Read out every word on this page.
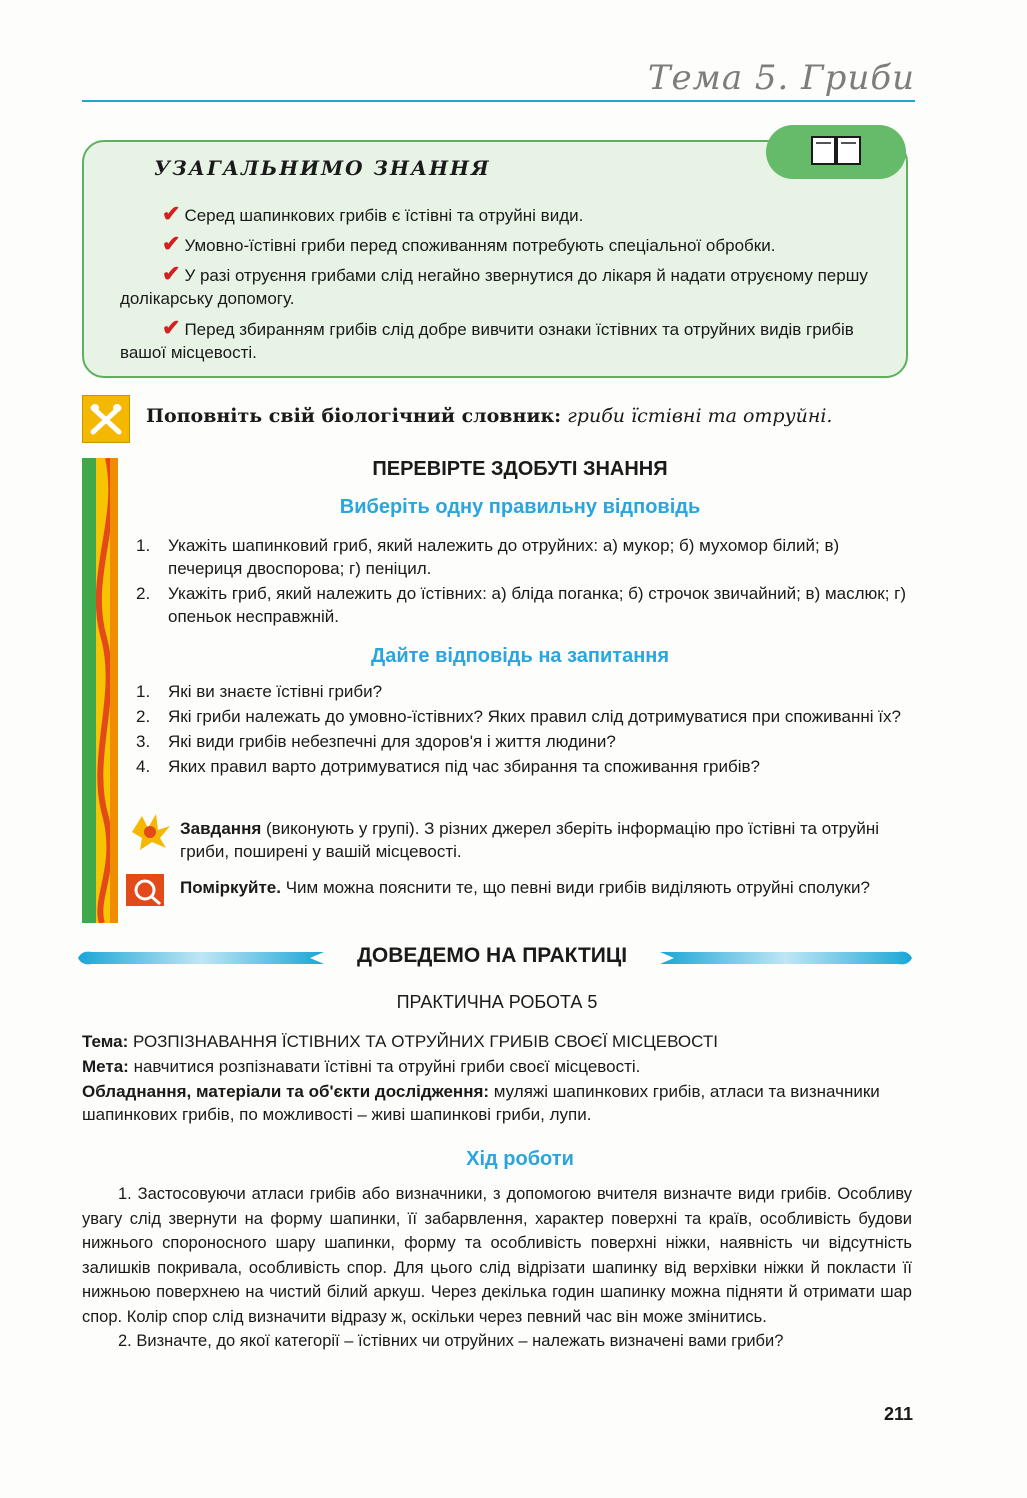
Тема 5. Гриби
УЗАГАЛЬНИМО ЗНАННЯ
✔ Серед шапинкових грибів є їстівні та отруйні види.
✔ Умовно-їстівні гриби перед споживанням потребують спеціальної обробки.
✔ У разі отруєння грибами слід негайно звернутися до лікаря й надати отруєному першу долікарську допомогу.
✔ Перед збиранням грибів слід добре вивчити ознаки їстівних та отруйних видів грибів вашої місцевості.
Поповніть свій біологічний словник: гриби їстівні та отруйні.
ПЕРЕВІРТЕ ЗДОБУТІ ЗНАННЯ
Виберіть одну правильну відповідь
1.	Укажіть шапинковий гриб, який належить до отруйних: а) мукор; б) мухомор білий; в) печериця двоспорова; г) пеніцил.
2.	Укажіть гриб, який належить до їстівних: а) бліда поганка; б) строчок звичайний; в) маслюк; г) опеньок несправжній.
Дайте відповідь на запитання
1.	Які ви знаєте їстівні гриби?
2.	Які гриби належать до умовно-їстівних? Яких правил слід дотримуватися при споживанні їх?
3.	Які види грибів небезпечні для здоров'я і життя людини?
4.	Яких правил варто дотримуватися під час збирання та споживання грибів?
Завдання (виконують у групі). З різних джерел зберіть інформацію про їстівні та отруйні гриби, поширені у вашій місцевості.
Поміркуйте. Чим можна пояснити те, що певні види грибів виділяють отруйні сполуки?
ДОВЕДЕМО НА ПРАКТИЦІ
ПРАКТИЧНА РОБОТА 5
Тема: РОЗПІЗНАВАННЯ ЇСТІВНИХ ТА ОТРУЙНИХ ГРИБІВ СВОЄЇ МІСЦЕВОСТІ
Мета: навчитися розпізнавати їстівні та отруйні гриби своєї місцевості.
Обладнання, матеріали та об'єкти дослідження: муляжі шапинкових грибів, атласи та визначники шапинкових грибів, по можливості – живі шапинкові гриби, лупи.
Хід роботи

1. Застосовуючи атласи грибів або визначники, з допомогою вчителя визначте види грибів. Особливу увагу слід звернути на форму шапинки, її забарвлення, характер поверхні та країв, особливість будови нижнього спороносного шару шапинки, форму та особливість поверхні ніжки, наявність чи відсутність залишків покривала, особливість спор. Для цього слід відрізати шапинку від верхівки ніжки й покласти її нижньою поверхнею на чистий білий аркуш. Через декілька годин шапинку можна підняти й отримати шар спор. Колір спор слід визначити відразу ж, оскільки через певний час він може змінитись.

2. Визначте, до якої категорії – їстівних чи отруйних – належать визначені вами гриби?

211
